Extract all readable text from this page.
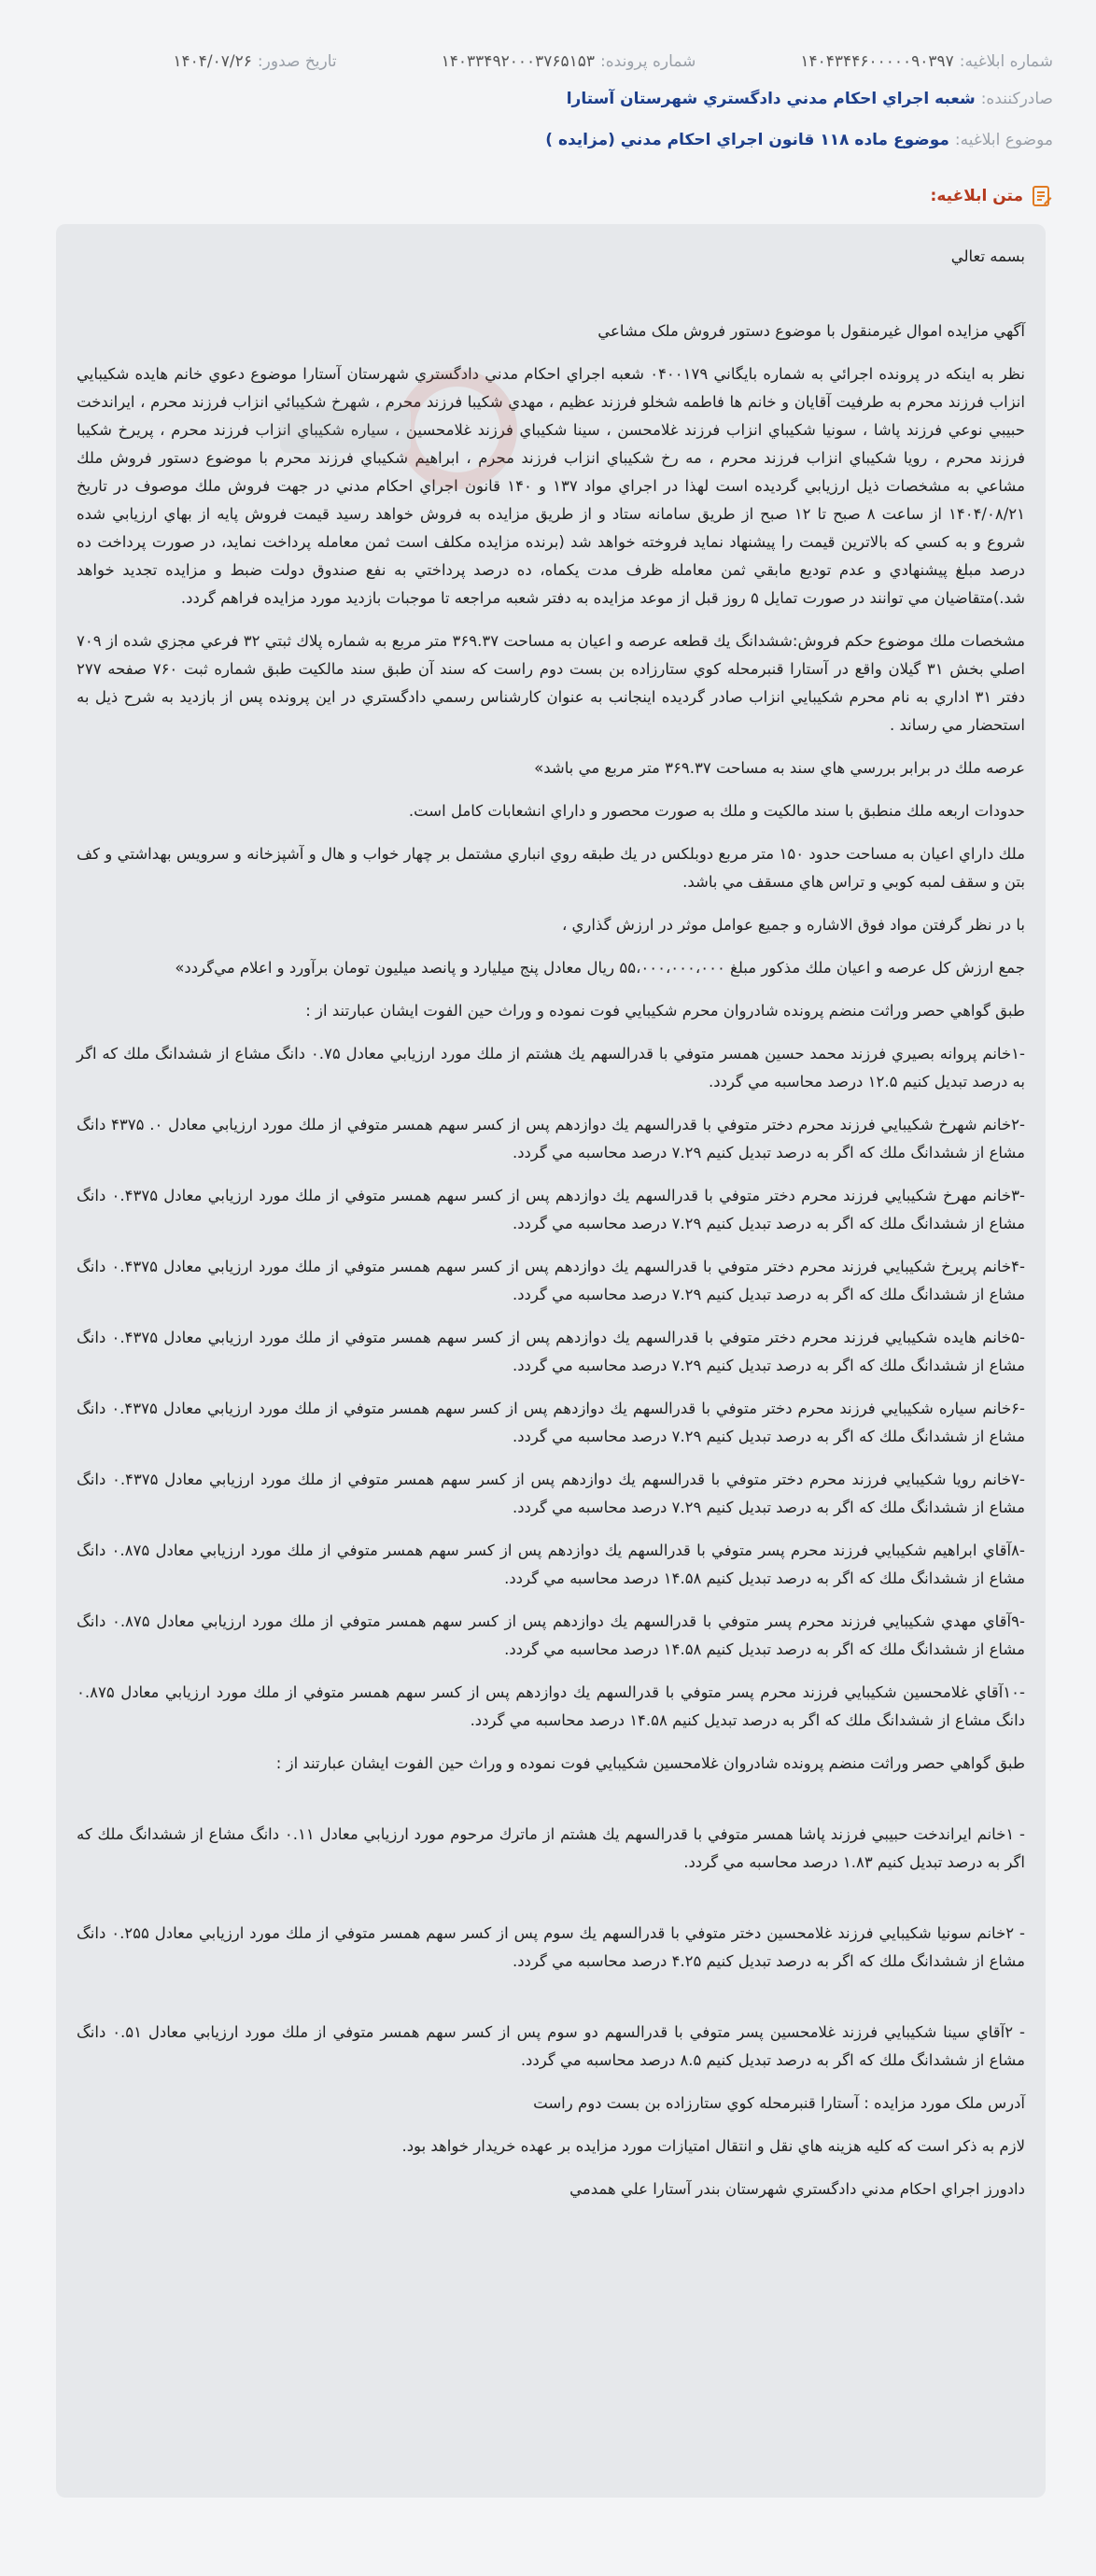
شماره ابلاغيه:
۱۴۰۴۳۴۴۶۰۰۰۰۰۹۰۳۹۷
شماره پرونده:
۱۴۰۳۳۴۹۲۰۰۰۳۷۶۵۱۵۳
تاريخ صدور:
۱۴۰۴/۰۷/۲۶
صادرکننده:
شعبه اجراي احكام مدني دادگستري شهرستان آستارا
موضوع ابلاغيه:
موضوع ماده ۱۱۸ قانون اجراي احكام مدني (مزايده )
متن ابلاغيه:

بسمه تعالي

آگهي مزايده اموال غيرمنقول با موضوع دستور فروش ملک مشاعي

نظر به اينكه در پرونده اجرائي به شماره بايگاني ۰۴۰۰۱۷۹ شعبه اجراي احكام مدني دادگستري شهرستان آستارا موضوع دعوي خانم هايده شكيبايي انزاب فرزند محرم به طرفيت آقايان و خانم ها فاطمه شخلو فرزند عظيم ، مهدي شكيبا فرزند محرم ، شهرخ شكيبائي انزاب فرزند محرم ، ايراندخت حبيبي نوعي فرزند پاشا ، سونيا شكيباي انزاب فرزند غلامحسن ، سينا شكيباي فرزند غلامحسين ، سياره شكيباي انزاب فرزند محرم ، پريرخ شكيبا فرزند محرم ، رويا شكيباي انزاب فرزند محرم ، مه رخ شكيباي انزاب فرزند محرم ، ابراهيم شكيباي فرزند محرم با موضوع دستور فروش ملك مشاعي به مشخصات ذيل ارزيابي گرديده است لهذا در اجراي مواد ۱۳۷ و ۱۴۰ قانون اجراي احكام مدني در جهت فروش ملك موصوف در تاريخ ۱۴۰۴/۰۸/۲۱ از ساعت ۸ صبح تا ۱۲ صبح از طريق سامانه ستاد و از طريق مزايده به فروش خواهد رسيد قيمت فروش پايه از بهاي ارزيابي شده شروع و به كسي كه بالاترين قيمت را پيشنهاد نمايد فروخته خواهد شد (برنده مزايده مكلف است ثمن معامله پرداخت نمايد، در صورت پرداخت ده درصد مبلغ پيشنهادي و عدم توديع مابقي ثمن معامله ظرف مدت يكماه، ده درصد پرداختي به نفع صندوق دولت ضبط و مزايده تجديد خواهد شد.)متقاضيان مي توانند در صورت تمايل ۵ روز قبل از موعد مزايده به دفتر شعبه مراجعه تا موجبات بازديد مورد مزايده فراهم گردد.

مشخصات ملك موضوع حكم فروش:ششدانگ يك قطعه عرصه و اعيان به مساحت ۳۶۹.۳۷ متر مربع به شماره پلاك ثبتي ۳۲ فرعي مجزي شده از ۷۰۹ اصلي بخش ۳۱ گيلان واقع در آستارا قنبرمحله كوي ستارزاده بن بست دوم راست كه سند آن طبق سند مالكيت طبق شماره ثبت ۷۶۰ صفحه ۲۷۷ دفتر ۳۱ اداري به نام محرم شكيبايي انزاب صادر گرديده اينجانب به عنوان كارشناس رسمي دادگستري در اين پرونده پس از بازديد به شرح ذيل به استحضار مي رساند .

عرصه ملك در برابر بررسي هاي سند به مساحت ۳۶۹.۳۷ متر مربع مي باشد»

حدودات اربعه ملك منطبق با سند مالكيت و ملك به صورت محصور و داراي انشعابات كامل است.

ملك داراي اعيان به مساحت حدود ۱۵۰ متر مربع دوبلكس در يك طبقه روي انباري مشتمل بر چهار خواب و هال و آشپزخانه و سرويس بهداشتي و كف بتن و سقف لمبه كوبي و تراس هاي مسقف مي باشد.

با در نظر گرفتن مواد فوق الاشاره و جميع عوامل موثر در ارزش گذاري ،

جمع ارزش كل عرصه و اعيان ملك مذكور مبلغ ۵۵،۰۰۰،۰۰۰،۰۰۰ ريال معادل پنج ميلیارد و پانصد ميليون تومان برآورد و اعلام مي‌گردد»

طبق گواهي حصر وراثت منضم پرونده شادروان محرم شكيبايي فوت نموده و وراث حين الفوت ايشان عبارتند از :

-۱خانم پروانه بصيري فرزند محمد حسين همسر متوفي با قدرالسهم يك هشتم از ملك مورد ارزيابي معادل ۰.۷۵ دانگ مشاع از ششدانگ ملك كه اگر به درصد تبديل كنيم ۱۲.۵ درصد محاسبه مي گردد.

-۲خانم شهرخ شكيبايي فرزند محرم دختر متوفي با قدرالسهم يك دوازدهم پس از كسر سهم همسر متوفي از ملك مورد ارزيابي معادل ۰. ۴۳۷۵ دانگ مشاع از ششدانگ ملك كه اگر به درصد تبديل كنيم ۷.۲۹ درصد محاسبه مي گردد.

-۳خانم مهرخ شكيبايي فرزند محرم دختر متوفي با قدرالسهم يك دوازدهم پس از كسر سهم همسر متوفي از ملك مورد ارزيابي معادل ۰.۴۳۷۵ دانگ مشاع از ششدانگ ملك كه اگر به درصد تبديل كنيم ۷.۲۹ درصد محاسبه مي گردد.

-۴خانم پريرخ شكيبايي فرزند محرم دختر متوفي با قدرالسهم يك دوازدهم پس از كسر سهم همسر متوفي از ملك مورد ارزيابي معادل ۰.۴۳۷۵ دانگ مشاع از ششدانگ ملك كه اگر به درصد تبديل كنيم ۷.۲۹ درصد محاسبه مي گردد.

-۵خانم هايده شكيبايي فرزند محرم دختر متوفي با قدرالسهم يك دوازدهم پس از كسر سهم همسر متوفي از ملك مورد ارزيابي معادل ۰.۴۳۷۵ دانگ مشاع از ششدانگ ملك كه اگر به درصد تبديل كنيم ۷.۲۹ درصد محاسبه مي گردد.

-۶خانم سياره شكيبايي فرزند محرم دختر متوفي با قدرالسهم يك دوازدهم پس از كسر سهم همسر متوفي از ملك مورد ارزيابي معادل ۰.۴۳۷۵ دانگ مشاع از ششدانگ ملك كه اگر به درصد تبديل كنيم ۷.۲۹ درصد محاسبه مي گردد.

-۷خانم رويا شكيبايي فرزند محرم دختر متوفي با قدرالسهم يك دوازدهم پس از كسر سهم همسر متوفي از ملك مورد ارزيابي معادل ۰.۴۳۷۵ دانگ مشاع از ششدانگ ملك كه اگر به درصد تبديل كنيم ۷.۲۹ درصد محاسبه مي گردد.

-۸آقاي ابراهيم شكيبايي فرزند محرم پسر متوفي با قدرالسهم يك دوازدهم پس از كسر سهم همسر متوفي از ملك مورد ارزيابي معادل ۰.۸۷۵ دانگ مشاع از ششدانگ ملك كه اگر به درصد تبديل كنيم ۱۴.۵۸ درصد محاسبه مي گردد.

-۹آقاي مهدي شكيبايي فرزند محرم پسر متوفي با قدرالسهم يك دوازدهم پس از كسر سهم همسر متوفي از ملك مورد ارزيابي معادل ۰.۸۷۵ دانگ مشاع از ششدانگ ملك كه اگر به درصد تبديل كنيم ۱۴.۵۸ درصد محاسبه مي گردد.

-۱۰آقاي غلامحسين شكيبايي فرزند محرم پسر متوفي با قدرالسهم يك دوازدهم پس از كسر سهم همسر متوفي از ملك مورد ارزيابي معادل ۰.۸۷۵ دانگ مشاع از ششدانگ ملك كه اگر به درصد تبديل كنيم ۱۴.۵۸ درصد محاسبه مي گردد.

طبق گواهي حصر وراثت منضم پرونده شادروان غلامحسين شكيبايي فوت نموده و وراث حين الفوت ايشان عبارتند از :

- ۱خانم ايراندخت حبيبي فرزند پاشا همسر متوفي با قدرالسهم يك هشتم از ماترك مرحوم مورد ارزيابي معادل ۰.۱۱ دانگ مشاع از ششدانگ ملك كه اگر به درصد تبديل كنيم ۱.۸۳ درصد محاسبه مي گردد.

- ۲خانم سونيا شكيبايي فرزند غلامحسين دختر متوفي با قدرالسهم يك سوم پس از كسر سهم همسر متوفي از ملك مورد ارزيابي معادل ۰.۲۵۵ دانگ مشاع از ششدانگ ملك كه اگر به درصد تبديل كنيم ۴.۲۵ درصد محاسبه مي گردد.

- ۲آقاي سينا شكيبايي فرزند غلامحسين پسر متوفي با قدرالسهم دو سوم پس از كسر سهم همسر متوفي از ملك مورد ارزيابي معادل ۰.۵۱ دانگ مشاع از ششدانگ ملك كه اگر به درصد تبديل كنيم ۸.۵ درصد محاسبه مي گردد.

آدرس ملک مورد مزايده : آستارا قنبرمحله كوي ستارزاده بن بست دوم راست

لازم به ذكر است كه كليه هزينه هاي نقل و انتقال امتيازات مورد مزايده بر عهده خريدار خواهد بود.

دادورز اجراي احكام مدني دادگستري شهرستان بندر آستارا علي همدمي
